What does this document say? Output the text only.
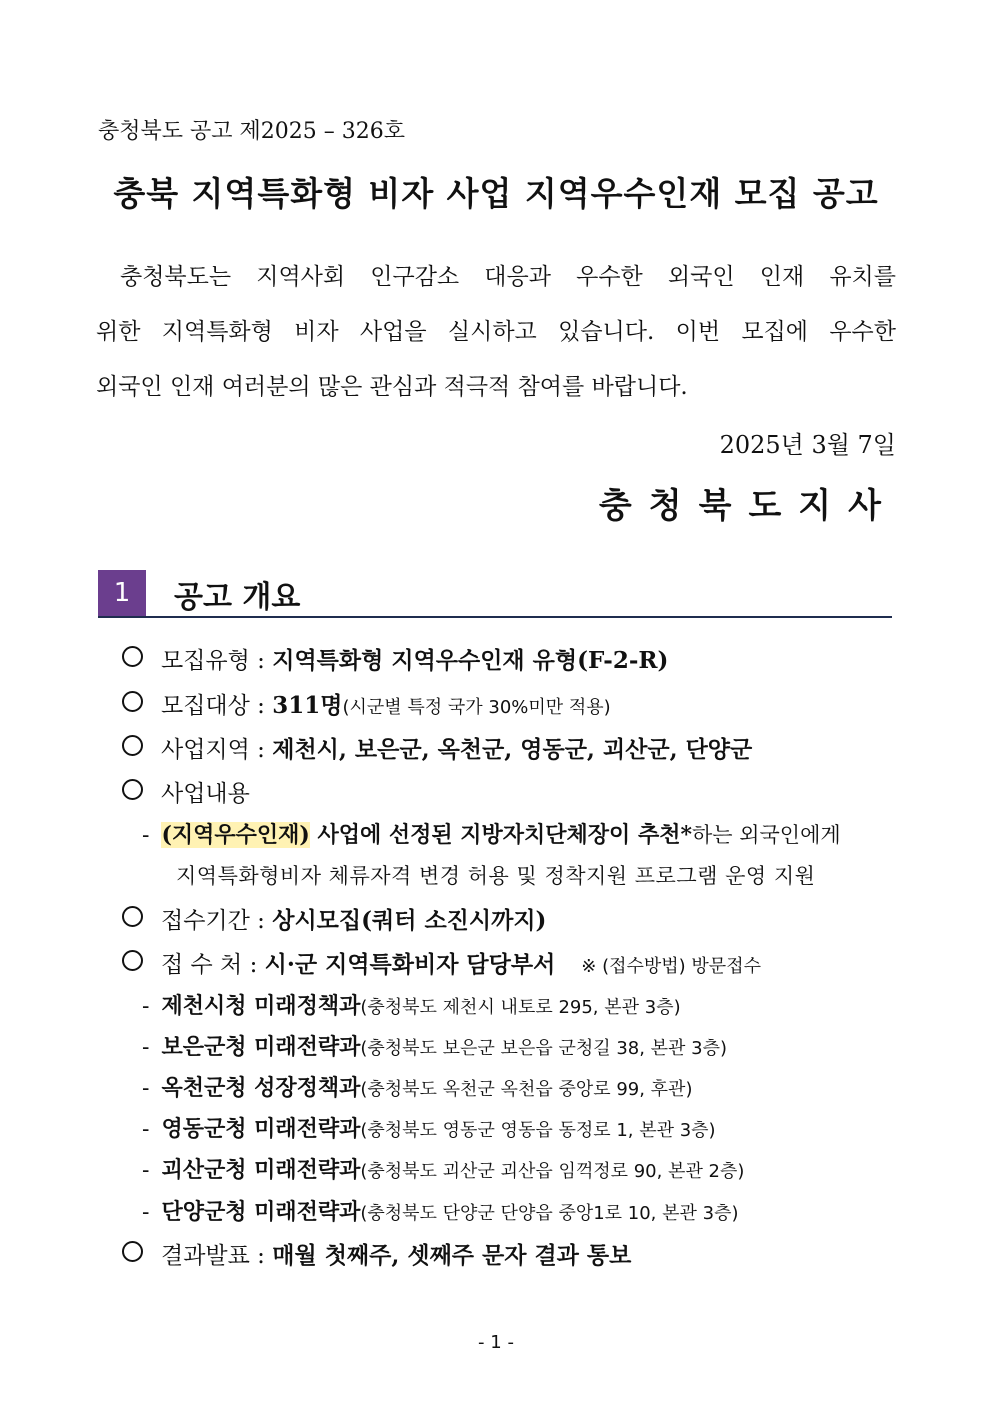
충청북도 공고 제2025 – 326호
충북 지역특화형 비자 사업 지역우수인재 모집 공고
충청북도는 지역사회 인구감소 대응과 우수한 외국인 인재 유치를
위한 지역특화형 비자 사업을 실시하고 있습니다. 이번 모집에 우수한
외국인 인재 여러분의 많은 관심과 적극적 참여를 바랍니다.
2025년 3월 7일
충청북도지사
1	공고 개요
모집유형 : 지역특화형 지역우수인재 유형(F-2-R)
모집대상 : 311명(시군별 특정 국가 30%미만 적용)
사업지역 : 제천시, 보은군, 옥천군, 영동군, 괴산군, 단양군
사업내용
- (지역우수인재) 사업에 선정된 지방자치단체장이 추천*하는 외국인에게
지역특화형비자 체류자격 변경 허용 및 정착지원 프로그램 운영 지원
접수기간 : 상시모집(쿼터 소진시까지)
접 수 처 : 시·군 지역특화비자 담당부서 ※ (접수방법) 방문접수
- 제천시청 미래정책과(충청북도 제천시 내토로 295, 본관 3층)
- 보은군청 미래전략과(충청북도 보은군 보은읍 군청길 38, 본관 3층)
- 옥천군청 성장정책과(충청북도 옥천군 옥천읍 중앙로 99, 후관)
- 영동군청 미래전략과(충청북도 영동군 영동읍 동정로 1, 본관 3층)
- 괴산군청 미래전략과(충청북도 괴산군 괴산읍 임꺽정로 90, 본관 2층)
- 단양군청 미래전략과(충청북도 단양군 단양읍 중앙1로 10, 본관 3층)
결과발표 : 매월 첫째주, 셋째주 문자 결과 통보
- 1 -
